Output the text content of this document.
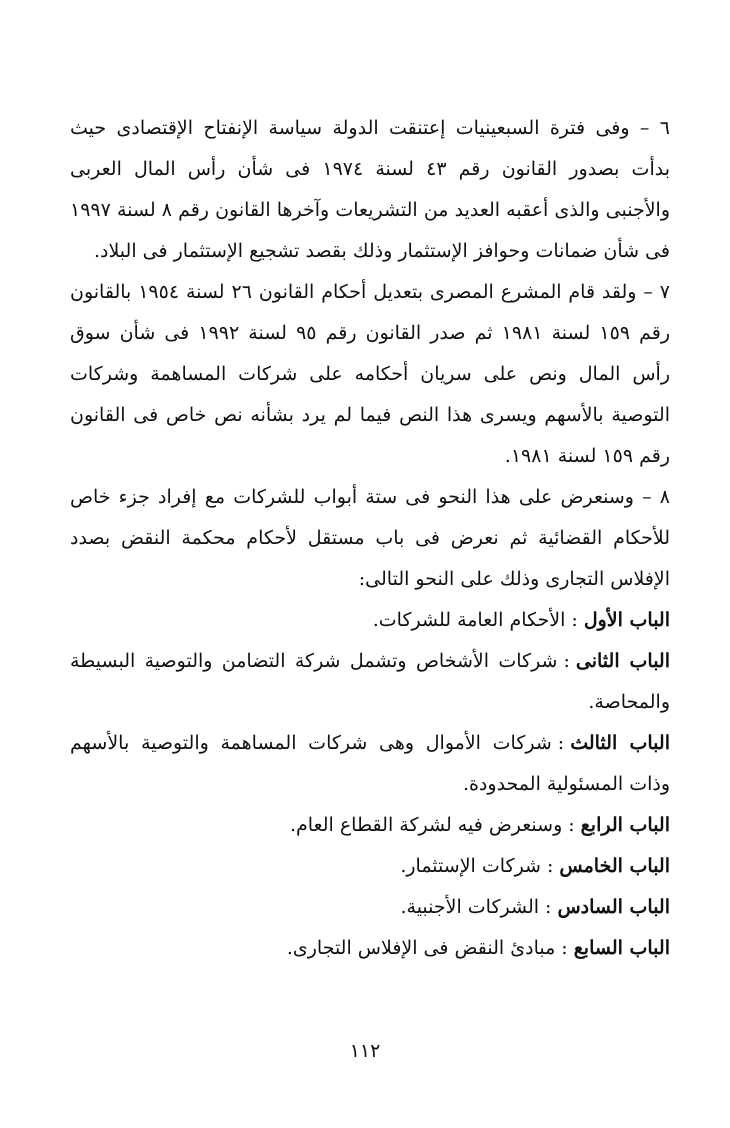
٦ – وفى فترة السبعينيات إعتنقت الدولة سياسة الإنفتاح الإقتصادى حيث بدأت بصدور القانون رقم ٤٣ لسنة ١٩٧٤ فى شأن رأس المال العربى والأجنبى والذى أعقبه العديد من التشريعات وآخرها القانون رقم ٨ لسنة ١٩٩٧ فى شأن ضمانات وحوافز الإستثمار وذلك بقصد تشجيع الإستثمار فى البلاد.

٧ – ولقد قام المشرع المصرى بتعديل أحكام القانون ٢٦ لسنة ١٩٥٤ بالقانون رقم ١٥٩ لسنة ١٩٨١ ثم صدر القانون رقم ٩٥ لسنة ١٩٩٢ فى شأن سوق رأس المال ونص على سريان أحكامه على شركات المساهمة وشركات التوصية بالأسهم ويسرى هذا النص فيما لم يرد بشأنه نص خاص فى القانون رقم ١٥٩ لسنة ١٩٨١.

٨ – وسنعرض على هذا النحو فى ستة أبواب للشركات مع إفراد جزء خاص للأحكام القضائية ثم نعرض فى باب مستقل لأحكام محكمة النقض بصدد الإفلاس التجارى وذلك على النحو التالى:

الباب الأول:الأحكام العامة للشركات.
الباب الثانى:شركات الأشخاص وتشمل شركة التضامن والتوصية البسيطة والمحاصة.
الباب الثالث:شركات الأموال وهى شركات المساهمة والتوصية بالأسهم وذات المسئولية المحدودة.
الباب الرابع:وسنعرض فيه لشركة القطاع العام.
الباب الخامس:شركات الإستثمار.
الباب السادس:الشركات الأجنبية.
الباب السابع:مبادئ النقض فى الإفلاس التجارى.
١١٢
